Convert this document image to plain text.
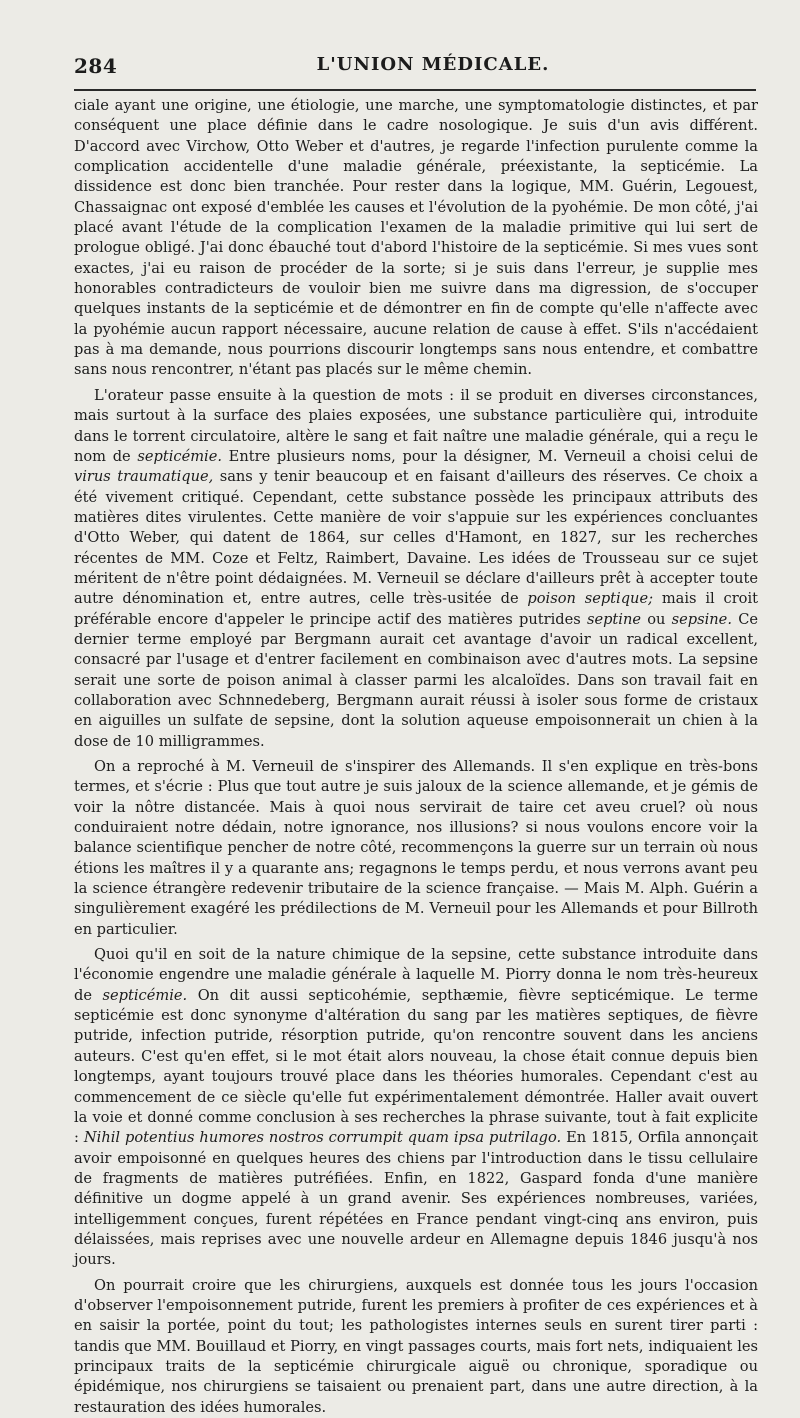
284	L'UNION MÉDICALE.

ciale ayant une origine, une étiologie, une marche, une symptomatologie distinctes, et par conséquent une place définie dans le cadre nosologique. Je suis d'un avis différent. D'accord avec Virchow, Otto Weber et d'autres, je regarde l'infection purulente comme la complication accidentelle d'une maladie générale, préexistante, la septicémie. La dissidence est donc bien tranchée. Pour rester dans la logique, MM. Guérin, Legouest, Chassaignac ont exposé d'emblée les causes et l'évolution de la pyohémie. De mon côté, j'ai placé avant l'étude de la complication l'examen de la maladie primitive qui lui sert de prologue obligé. J'ai donc ébauché tout d'abord l'histoire de la septicémie. Si mes vues sont exactes, j'ai eu raison de procéder de la sorte; si je suis dans l'erreur, je supplie mes honorables contradicteurs de vouloir bien me suivre dans ma digression, de s'occuper quelques instants de la septicémie et de démontrer en fin de compte qu'elle n'affecte avec la pyohémie aucun rapport nécessaire, aucune relation de cause à effet. S'ils n'accédaient pas à ma demande, nous pourrions discourir longtemps sans nous entendre, et combattre sans nous rencontrer, n'étant pas placés sur le même chemin.

L'orateur passe ensuite à la question de mots : il se produit en diverses circonstances, mais surtout à la surface des plaies exposées, une substance particulière qui, introduite dans le torrent circulatoire, altère le sang et fait naître une maladie générale, qui a reçu le nom de septicémie. Entre plusieurs noms, pour la désigner, M. Verneuil a choisi celui de virus traumatique, sans y tenir beaucoup et en faisant d'ailleurs des réserves. Ce choix a été vivement critiqué. Cependant, cette substance possède les principaux attributs des matières dites virulentes. Cette manière de voir s'appuie sur les expériences concluantes d'Otto Weber, qui datent de 1864, sur celles d'Hamont, en 1827, sur les recherches récentes de MM. Coze et Feltz, Raimbert, Davaine. Les idées de Trousseau sur ce sujet méritent de n'être point dédaignées. M. Verneuil se déclare d'ailleurs prêt à accepter toute autre dénomination et, entre autres, celle très-usitée de poison septique; mais il croit préférable encore d'appeler le principe actif des matières putrides septine ou sepsine. Ce dernier terme employé par Bergmann aurait cet avantage d'avoir un radical excellent, consacré par l'usage et d'entrer facilement en combinaison avec d'autres mots. La sepsine serait une sorte de poison animal à classer parmi les alcaloïdes. Dans son travail fait en collaboration avec Schnnedeberg, Bergmann aurait réussi à isoler sous forme de cristaux en aiguilles un sulfate de sepsine, dont la solution aqueuse empoisonnerait un chien à la dose de 10 milligrammes.

On a reproché à M. Verneuil de s'inspirer des Allemands. Il s'en explique en très-bons termes, et s'écrie : Plus que tout autre je suis jaloux de la science allemande, et je gémis de voir la nôtre distancée. Mais à quoi nous servirait de taire cet aveu cruel? où nous conduiraient notre dédain, notre ignorance, nos illusions? si nous voulons encore voir la balance scientifique pencher de notre côté, recommençons la guerre sur un terrain où nous étions les maîtres il y a quarante ans; regagnons le temps perdu, et nous verrons avant peu la science étrangère redevenir tributaire de la science française. — Mais M. Alph. Guérin a singulièrement exagéré les prédilections de M. Verneuil pour les Allemands et pour Billroth en particulier.

Quoi qu'il en soit de la nature chimique de la sepsine, cette substance introduite dans l'économie engendre une maladie générale à laquelle M. Piorry donna le nom très-heureux de septicémie. On dit aussi septicohémie, septhæmie, fièvre septicémique. Le terme septicémie est donc synonyme d'altération du sang par les matières septiques, de fièvre putride, infection putride, résorption putride, qu'on rencontre souvent dans les anciens auteurs. C'est qu'en effet, si le mot était alors nouveau, la chose était connue depuis bien longtemps, ayant toujours trouvé place dans les théories humorales. Cependant c'est au commencement de ce siècle qu'elle fut expérimentalement démontrée. Haller avait ouvert la voie et donné comme conclusion à ses recherches la phrase suivante, tout à fait explicite : Nihil potentius humores nostros corrumpit quam ipsa putrilago. En 1815, Orfila annonçait avoir empoisonné en quelques heures des chiens par l'introduction dans le tissu cellulaire de fragments de matières putréfiées. Enfin, en 1822, Gaspard fonda d'une manière définitive un dogme appelé à un grand avenir. Ses expériences nombreuses, variées, intelligemment conçues, furent répétées en France pendant vingt-cinq ans environ, puis délaissées, mais reprises avec une nouvelle ardeur en Allemagne depuis 1846 jusqu'à nos jours.

On pourrait croire que les chirurgiens, auxquels est donnée tous les jours l'occasion d'observer l'empoisonnement putride, furent les premiers à profiter de ces expériences et à en saisir la portée, point du tout; les pathologistes internes seuls en surent tirer parti : tandis que MM. Bouillaud et Piorry, en vingt passages courts, mais fort nets, indiquaient les principaux traits de la septicémie chirurgicale aiguë ou chronique, sporadique ou épidémique, nos chirurgiens se taisaient ou prenaient part, dans une autre direction, à la restauration des idées humorales.
